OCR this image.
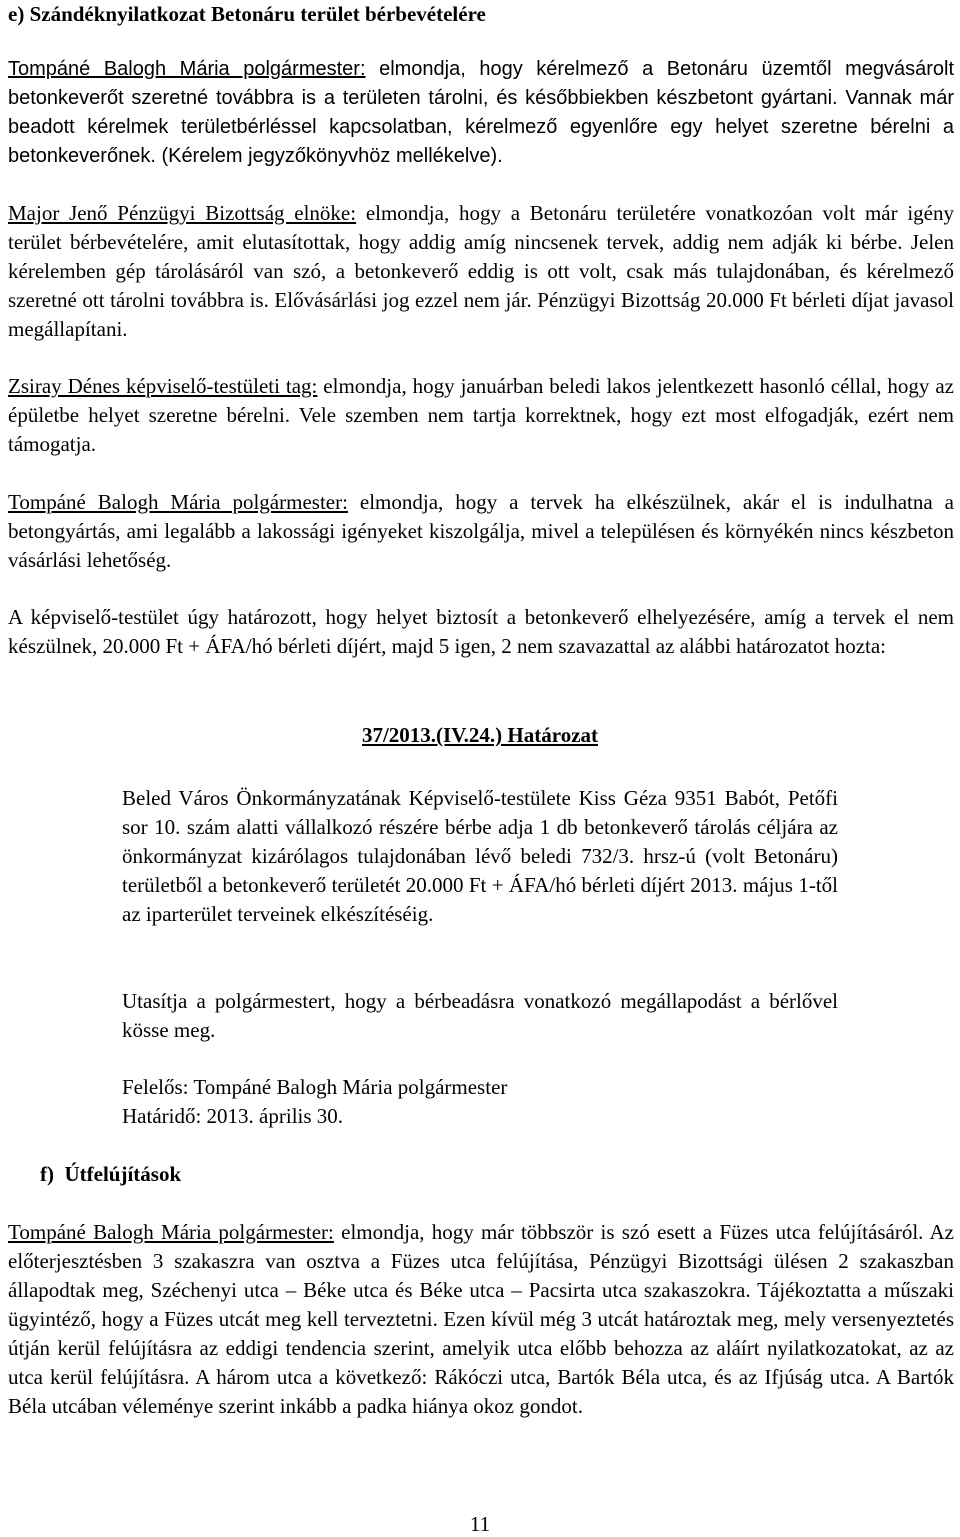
e) Szándéknyilatkozat Betonáru terület bérbevételére
Tompáné Balogh Mária polgármester: elmondja, hogy kérelmező a Betonáru üzemtől megvásárolt betonkeverőt szeretné továbbra is a területen tárolni, és későbbiekben készbetont gyártani. Vannak már beadott kérelmek területbérléssel kapcsolatban, kérelmező egyenlőre egy helyet szeretne bérelni a betonkeverőnek. (Kérelem jegyzőkönyvhöz mellékelve).
Major Jenő Pénzügyi Bizottság elnöke: elmondja, hogy a Betonáru területére vonatkozóan volt már igény terület bérbevételére, amit elutasítottak, hogy addig amíg nincsenek tervek, addig nem adják ki bérbe. Jelen kérelemben gép tárolásáról van szó, a betonkeverő eddig is ott volt, csak más tulajdonában, és kérelmező szeretné ott tárolni továbbra is. Elővásárlási jog ezzel nem jár. Pénzügyi Bizottság 20.000 Ft bérleti díjat javasol megállapítani.
Zsiray Dénes képviselő-testületi tag: elmondja, hogy januárban beledi lakos jelentkezett hasonló céllal, hogy az épületbe helyet szeretne bérelni. Vele szemben nem tartja korrektnek, hogy ezt most elfogadják, ezért nem támogatja.
Tompáné Balogh Mária polgármester: elmondja, hogy a tervek ha elkészülnek, akár el is indulhatna a betongyártás, ami legalább a lakossági igényeket kiszolgálja, mivel a településen és környékén nincs készbeton vásárlási lehetőség.
A képviselő-testület úgy határozott, hogy helyet biztosít a betonkeverő elhelyezésére, amíg a tervek el nem készülnek, 20.000 Ft + ÁFA/hó bérleti díjért, majd 5 igen, 2 nem szavazattal az alábbi határozatot hozta:
37/2013.(IV.24.) Határozat
Beled Város Önkormányzatának Képviselő-testülete Kiss Géza 9351 Babót, Petőfi sor 10. szám alatti vállalkozó részére bérbe adja 1 db betonkeverő tárolás céljára az önkormányzat kizárólagos tulajdonában lévő beledi 732/3. hrsz-ú (volt Betonáru) területből a betonkeverő területét 20.000 Ft + ÁFA/hó bérleti díjért 2013. május 1-től az iparterület terveinek elkészítéséig.
Utasítja a polgármestert, hogy a bérbeadásra vonatkozó megállapodást a bérlővel kösse meg.
Felelős: Tompáné Balogh Mária polgármester
Határidő: 2013. április 30.
f)  Útfelújítások
Tompáné Balogh Mária polgármester: elmondja, hogy már többször is szó esett a Füzes utca felújításáról. Az előterjesztésben 3 szakaszra van osztva a Füzes utca felújítása, Pénzügyi Bizottsági ülésen 2 szakaszban állapodtak meg, Széchenyi utca – Béke utca és Béke utca – Pacsirta utca szakaszokra. Tájékoztatta a műszaki ügyintéző, hogy a Füzes utcát meg kell terveztetni. Ezen kívül még 3 utcát határoztak meg, mely versenyeztetés útján kerül felújításra az eddigi tendencia szerint, amelyik utca előbb behozza az aláírt nyilatkozatokat, az az utca kerül felújításra. A három utca a következő: Rákóczi utca, Bartók Béla utca, és az Ifjúság utca. A Bartók Béla utcában véleménye szerint inkább a padka hiánya okoz gondot.
11
